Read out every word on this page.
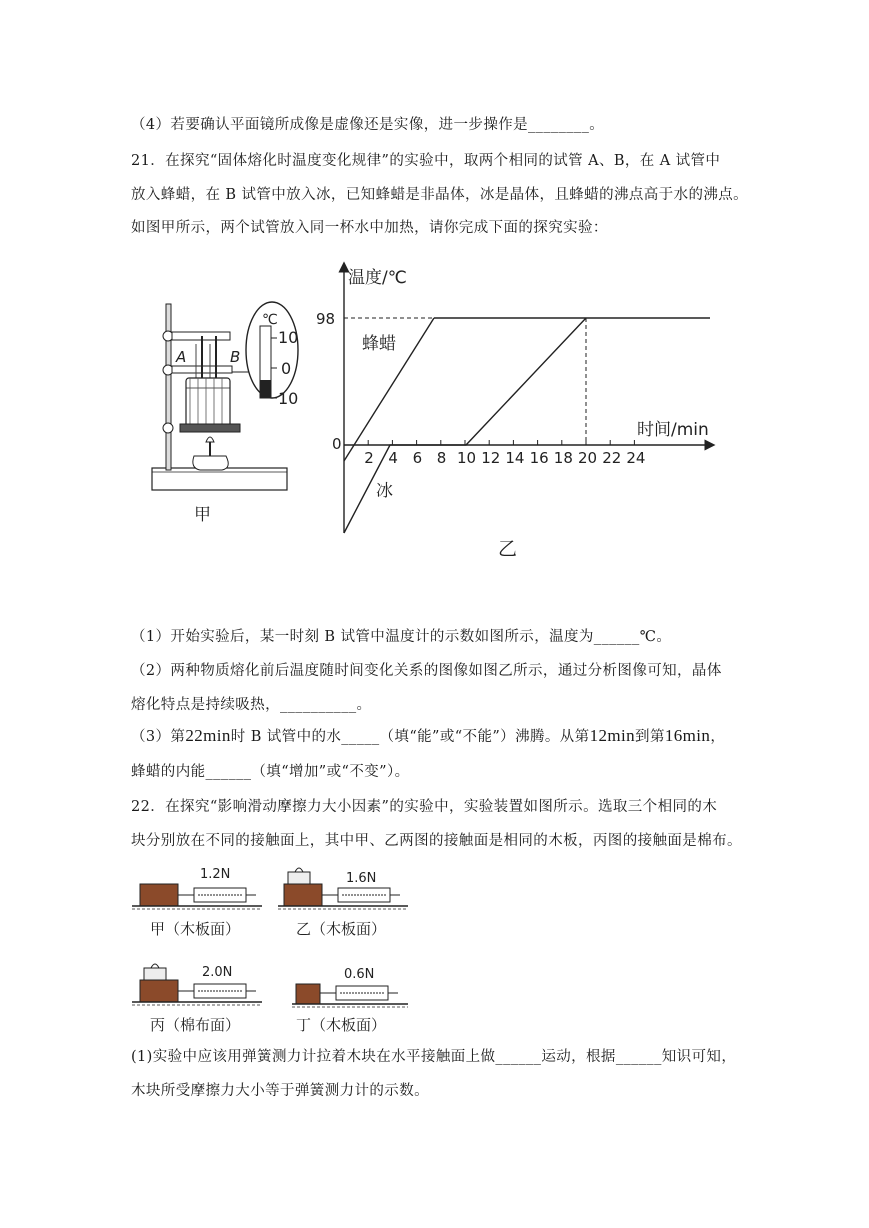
（4）若要确认平面镜所成像是虚像还是实像，进一步操作是________。
21．在探究“固体熔化时温度变化规律”的实验中，取两个相同的试管 A、B，在 A 试管中
放入蜂蜡，在 B 试管中放入冰，已知蜂蜡是非晶体，冰是晶体，且蜂蜡的沸点高于水的沸点。
如图甲所示，两个试管放入同一杯水中加热，请你完成下面的探究实验：
℃
10
0
10
A	B
甲
温度/℃
时间/min
98
0
2 4 6 8 10 12 14 16 18 20 22 24
蜂蜡
冰
乙
（1）开始实验后，某一时刻 B 试管中温度计的示数如图所示，温度为______℃。
（2）两种物质熔化前后温度随时间变化关系的图像如图乙所示，通过分析图像可知，晶体
熔化特点是持续吸热，__________。
（3）第22min时 B 试管中的水_____（填“能”或“不能”）沸腾。从第12min到第16min，
蜂蜡的内能______（填“增加”或“不变”）。
22．在探究“影响滑动摩擦力大小因素”的实验中，实验装置如图所示。选取三个相同的木
块分别放在不同的接触面上，其中甲、乙两图的接触面是相同的木板，丙图的接触面是棉布。
1.2N
甲（木板面）
1.6N
乙（木板面）
2.0N
丙（棉布面）
0.6N
丁（木板面）
(1)实验中应该用弹簧测力计拉着木块在水平接触面上做______运动，根据______知识可知，
木块所受摩擦力大小等于弹簧测力计的示数。
